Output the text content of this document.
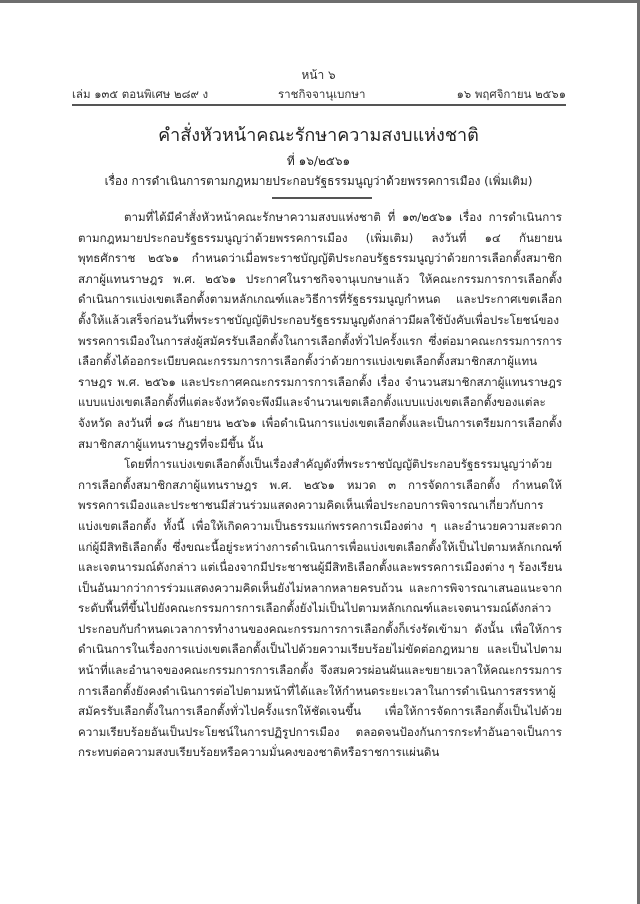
หน้า ๖
เล่ม ๑๓๕ ตอนพิเศษ ๒๘๙ ง	ราชกิจจานุเบกษา	๑๖ พฤศจิกายน ๒๕๖๑
คำสั่งหัวหน้าคณะรักษาความสงบแห่งชาติ
ที่ ๑๖/๒๕๖๑
เรื่อง การดำเนินการตามกฎหมายประกอบรัฐธรรมนูญว่าด้วยพรรคการเมือง (เพิ่มเติม)

ตามที่ได้มีคำสั่งหัวหน้าคณะรักษาความสงบแห่งชาติ ที่ ๑๓/๒๕๖๑ เรื่อง การดำเนินการตามกฎหมายประกอบรัฐธรรมนูญว่าด้วยพรรคการเมือง (เพิ่มเติม) ลงวันที่ ๑๔ กันยายน พุทธศักราช ๒๕๖๑ กำหนดว่าเมื่อพระราชบัญญัติประกอบรัฐธรรมนูญว่าด้วยการเลือกตั้งสมาชิกสภาผู้แทนราษฎร พ.ศ. ๒๕๖๑ ประกาศในราชกิจจานุเบกษาแล้ว ให้คณะกรรมการการเลือกตั้งดำเนินการแบ่งเขตเลือกตั้งตามหลักเกณฑ์และวิธีการที่รัฐธรรมนูญกำหนด และประกาศเขตเลือกตั้งให้แล้วเสร็จก่อนวันที่พระราชบัญญัติประกอบรัฐธรรมนูญดังกล่าวมีผลใช้บังคับเพื่อประโยชน์ของพรรคการเมืองในการส่งผู้สมัครรับเลือกตั้งในการเลือกตั้งทั่วไปครั้งแรก ซึ่งต่อมาคณะกรรมการการเลือกตั้งได้ออกระเบียบคณะกรรมการการเลือกตั้งว่าด้วยการแบ่งเขตเลือกตั้งสมาชิกสภาผู้แทนราษฎร พ.ศ. ๒๕๖๑ และประกาศคณะกรรมการการเลือกตั้ง เรื่อง จำนวนสมาชิกสภาผู้แทนราษฎรแบบแบ่งเขตเลือกตั้งที่แต่ละจังหวัดจะพึงมีและจำนวนเขตเลือกตั้งแบบแบ่งเขตเลือกตั้งของแต่ละจังหวัด ลงวันที่ ๑๘ กันยายน ๒๕๖๑ เพื่อดำเนินการแบ่งเขตเลือกตั้งและเป็นการเตรียมการเลือกตั้งสมาชิกสภาผู้แทนราษฎรที่จะมีขึ้น นั้น

โดยที่การแบ่งเขตเลือกตั้งเป็นเรื่องสำคัญดังที่พระราชบัญญัติประกอบรัฐธรรมนูญว่าด้วยการเลือกตั้งสมาชิกสภาผู้แทนราษฎร พ.ศ. ๒๕๖๑ หมวด ๓ การจัดการเลือกตั้ง กำหนดให้พรรคการเมืองและประชาชนมีส่วนร่วมแสดงความคิดเห็นเพื่อประกอบการพิจารณาเกี่ยวกับการแบ่งเขตเลือกตั้ง ทั้งนี้ เพื่อให้เกิดความเป็นธรรมแก่พรรคการเมืองต่าง ๆ และอำนวยความสะดวกแก่ผู้มีสิทธิเลือกตั้ง ซึ่งขณะนี้อยู่ระหว่างการดำเนินการเพื่อแบ่งเขตเลือกตั้งให้เป็นไปตามหลักเกณฑ์และเจตนารมณ์ดังกล่าว แต่เนื่องจากมีประชาชนผู้มีสิทธิเลือกตั้งและพรรคการเมืองต่าง ๆ ร้องเรียนเป็นอันมากว่าการร่วมแสดงความคิดเห็นยังไม่หลากหลายครบถ้วน และการพิจารณาเสนอแนะจากระดับพื้นที่ขึ้นไปยังคณะกรรมการการเลือกตั้งยังไม่เป็นไปตามหลักเกณฑ์และเจตนารมณ์ดังกล่าว ประกอบกับกำหนดเวลาการทำงานของคณะกรรมการการเลือกตั้งก็เร่งรัดเข้ามา ดังนั้น เพื่อให้การดำเนินการในเรื่องการแบ่งเขตเลือกตั้งเป็นไปด้วยความเรียบร้อยไม่ขัดต่อกฎหมาย และเป็นไปตามหน้าที่และอำนาจของคณะกรรมการการเลือกตั้ง จึงสมควรผ่อนผันและขยายเวลาให้คณะกรรมการการเลือกตั้งยังคงดำเนินการต่อไปตามหน้าที่ได้และให้กำหนดระยะเวลาในการดำเนินการสรรหาผู้สมัครรับเลือกตั้งในการเลือกตั้งทั่วไปครั้งแรกให้ชัดเจนขึ้น เพื่อให้การจัดการเลือกตั้งเป็นไปด้วยความเรียบร้อยอันเป็นประโยชน์ในการปฏิรูปการเมือง ตลอดจนป้องกันการกระทำอันอาจเป็นการกระทบต่อความสงบเรียบร้อยหรือความมั่นคงของชาติหรือราชการแผ่นดิน
